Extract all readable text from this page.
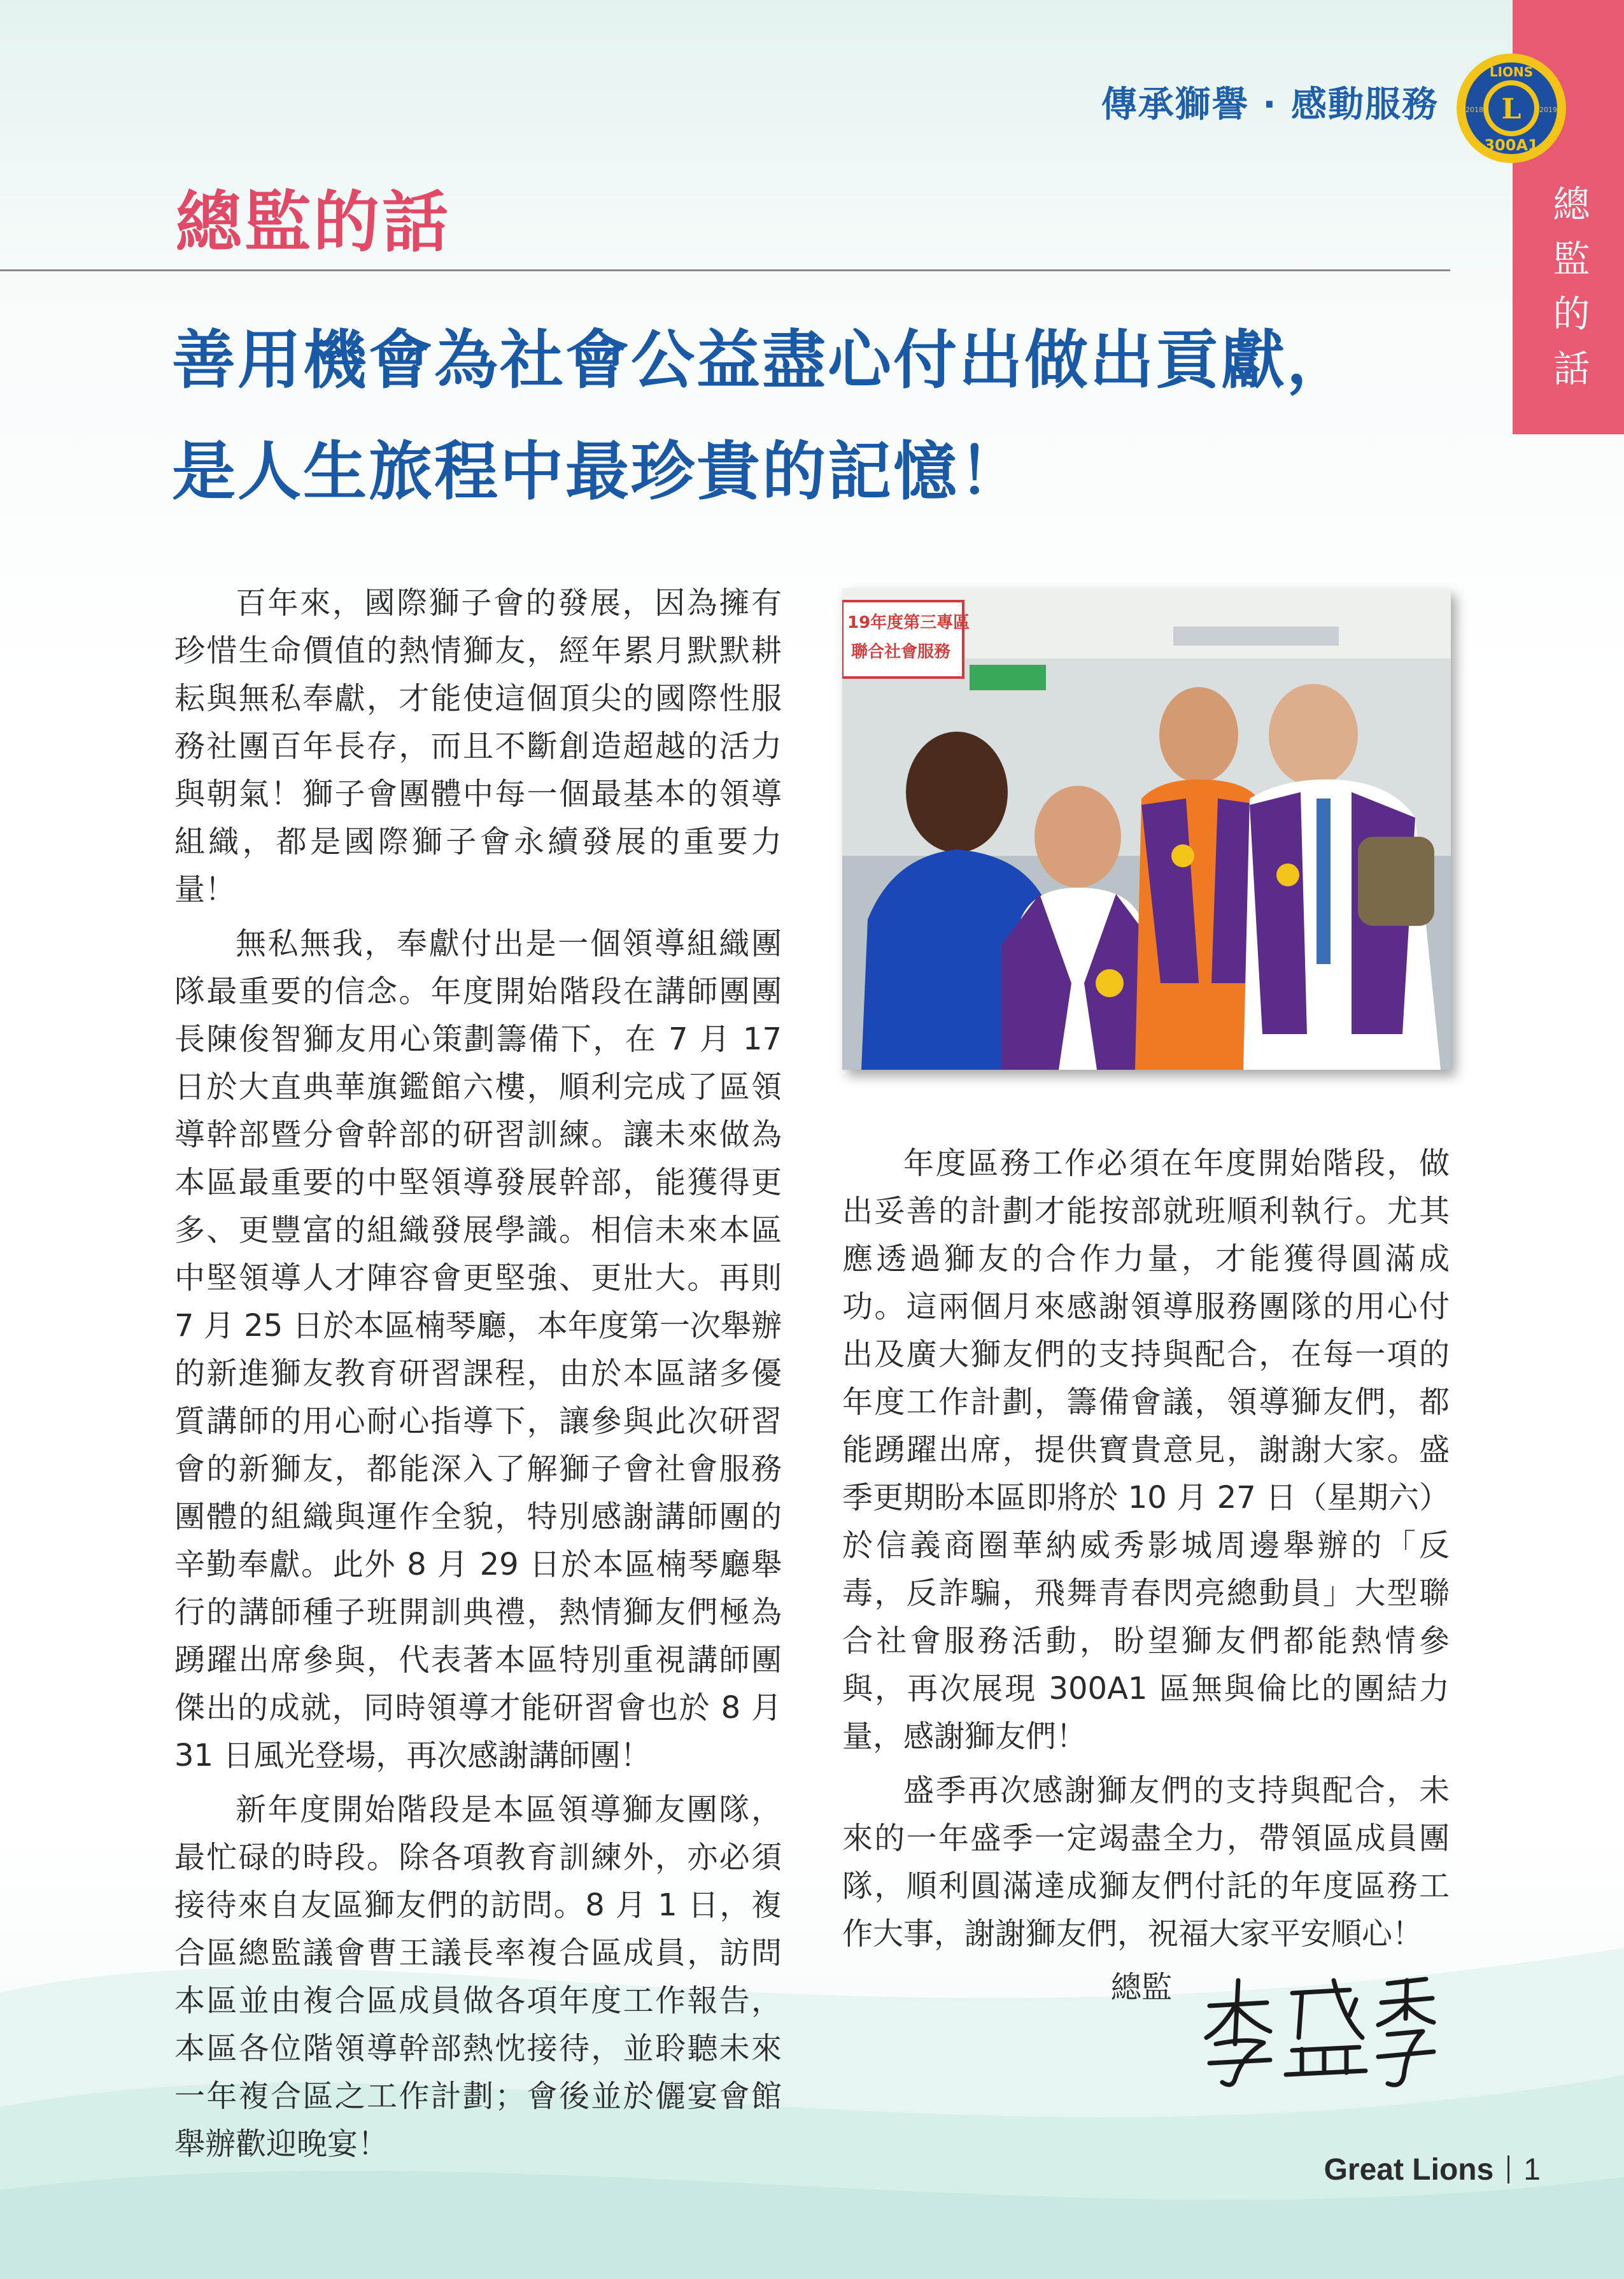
總監的話
傳承獅譽 · 感動服務 L
LIONS
300A1
2018	2019
總監的話
善用機會為社會公益盡心付出做出貢獻，
是人生旅程中最珍貴的記憶！

百年來，國際獅子會的發展，因為擁有珍惜生命價值的熱情獅友，經年累月默默耕耘與無私奉獻，才能使這個頂尖的國際性服務社團百年長存，而且不斷創造超越的活力與朝氣！獅子會團體中每一個最基本的領導組織，都是國際獅子會永續發展的重要力量！

無私無我，奉獻付出是一個領導組織團隊最重要的信念。年度開始階段在講師團團長陳俊智獅友用心策劃籌備下，在 7 月 17 日於大直典華旗鑑館六樓，順利完成了區領導幹部暨分會幹部的研習訓練。讓未來做為本區最重要的中堅領導發展幹部，能獲得更多、更豐富的組織發展學識。相信未來本區中堅領導人才陣容會更堅強、更壯大。再則 7 月 25 日於本區楠琴廳，本年度第一次舉辦的新進獅友教育研習課程，由於本區諸多優質講師的用心耐心指導下，讓參與此次研習會的新獅友，都能深入了解獅子會社會服務團體的組織與運作全貌，特別感謝講師團的辛勤奉獻。此外 8 月 29 日於本區楠琴廳舉行的講師種子班開訓典禮，熱情獅友們極為踴躍出席參與，代表著本區特別重視講師團傑出的成就，同時領導才能研習會也於 8 月 31 日風光登場，再次感謝講師團！

新年度開始階段是本區領導獅友團隊，最忙碌的時段。除各項教育訓練外，亦必須接待來自友區獅友們的訪問。8 月 1 日，複合區總監議會曹王議長率複合區成員，訪問本區並由複合區成員做各項年度工作報告，本區各位階領導幹部熱忱接待，並聆聽未來一年複合區之工作計劃；會後並於儷宴會館舉辦歡迎晚宴！

19年度第三專區
聯合社會服務

年度區務工作必須在年度開始階段，做出妥善的計劃才能按部就班順利執行。尤其應透過獅友的合作力量，才能獲得圓滿成功。這兩個月來感謝領導服務團隊的用心付出及廣大獅友們的支持與配合，在每一項的年度工作計劃，籌備會議，領導獅友們，都能踴躍出席，提供寶貴意見，謝謝大家。盛季更期盼本區即將於 10 月 27 日（星期六）於信義商圈華納威秀影城周邊舉辦的「反毒，反詐騙，飛舞青春閃亮總動員」大型聯合社會服務活動，盼望獅友們都能熱情參與，再次展現 300A1 區無與倫比的團結力量，感謝獅友們！

盛季再次感謝獅友們的支持與配合，未來的一年盛季一定竭盡全力，帶領區成員團隊，順利圓滿達成獅友們付託的年度區務工作大事，謝謝獅友們，祝福大家平安順心！

總監
Great Lions 1
